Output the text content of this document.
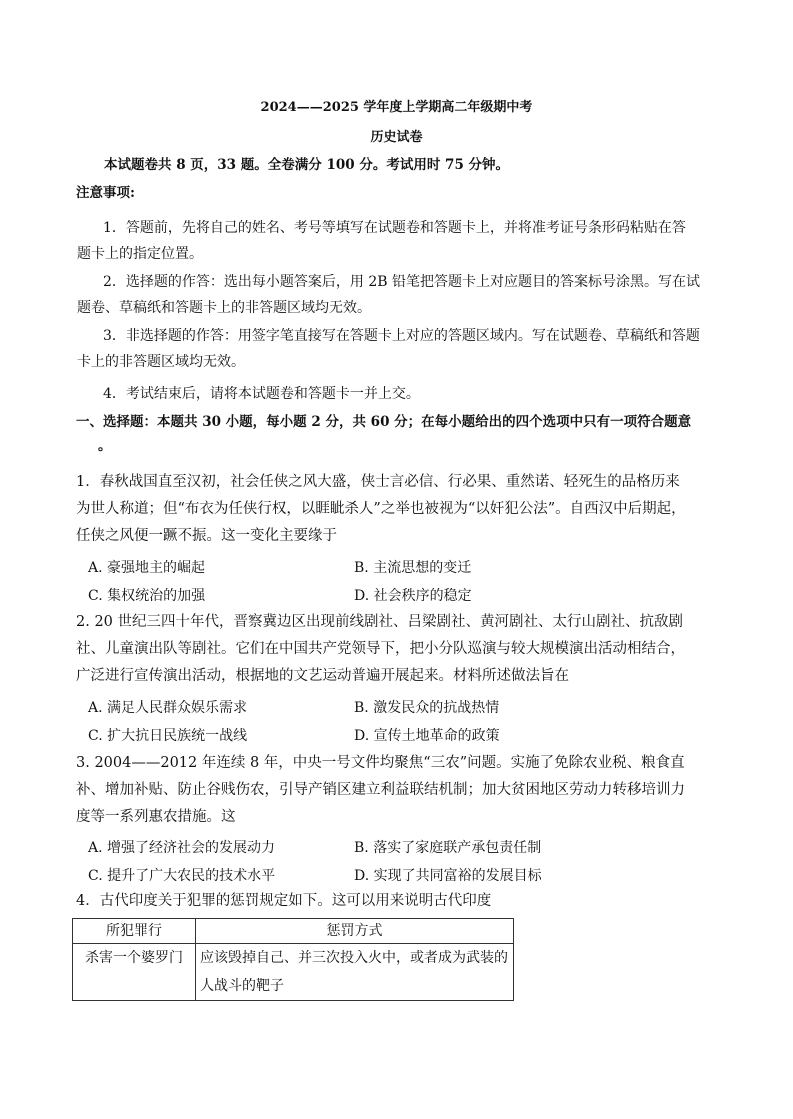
2024——2025 学年度上学期高二年级期中考
历史试卷
本试题卷共 8 页，33 题。全卷满分 100 分。考试用时 75 分钟。
注意事项:
1．答题前，先将自己的姓名、考号等填写在试题卷和答题卡上，并将准考证号条形码粘贴在答
题卡上的指定位置。
2．选择题的作答：选出每小题答案后，用 2B 铅笔把答题卡上对应题目的答案标号涂黑。写在试
题卷、草稿纸和答题卡上的非答题区域均无效。
3．非选择题的作答：用签字笔直接写在答题卡上对应的答题区域内。写在试题卷、草稿纸和答题
卡上的非答题区域均无效。
4．考试结束后，请将本试题卷和答题卡一并上交。
一、选择题：本题共 30 小题，每小题 2 分，共 60 分；在每小题给出的四个选项中只有一项符合题意
。
1．春秋战国直至汉初，社会任侠之风大盛，侠士言必信、行必果、重然诺、轻死生的品格历来为世人称道；但“布衣为任侠行权，以睚眦杀人”之举也被视为“以奸犯公法”。自西汉中后期起，任侠之风便一蹶不振。这一变化主要缘于
A. 豪强地主的崛起	B. 主流思想的变迁
C. 集权统治的加强	D. 社会秩序的稳定
2. 20 世纪三四十年代，晋察冀边区出现前线剧社、吕梁剧社、黄河剧社、太行山剧社、抗敌剧社、儿童演出队等剧社。它们在中国共产党领导下，把小分队巡演与较大规模演出活动相结合，广泛进行宣传演出活动，根据地的文艺运动普遍开展起来。材料所述做法旨在
A. 满足人民群众娱乐需求	B. 激发民众的抗战热情
C. 扩大抗日民族统一战线	D. 宣传土地革命的政策
3. 2004——2012 年连续 8 年，中央一号文件均聚焦“三农”问题。实施了免除农业税、粮食直补、增加补贴、防止谷贱伤农，引导产销区建立利益联结机制；加大贫困地区劳动力转移培训力度等一系列惠农措施。这
A. 增强了经济社会的发展动力	B. 落实了家庭联产承包责任制
C. 提升了广大农民的技术水平	D. 实现了共同富裕的发展目标
4．古代印度关于犯罪的惩罚规定如下。这可以用来说明古代印度
所犯罪行	惩罚方式
杀害一个婆罗门	应该毁掉自己、并三次投入火中，或者成为武装的人战斗的靶子
